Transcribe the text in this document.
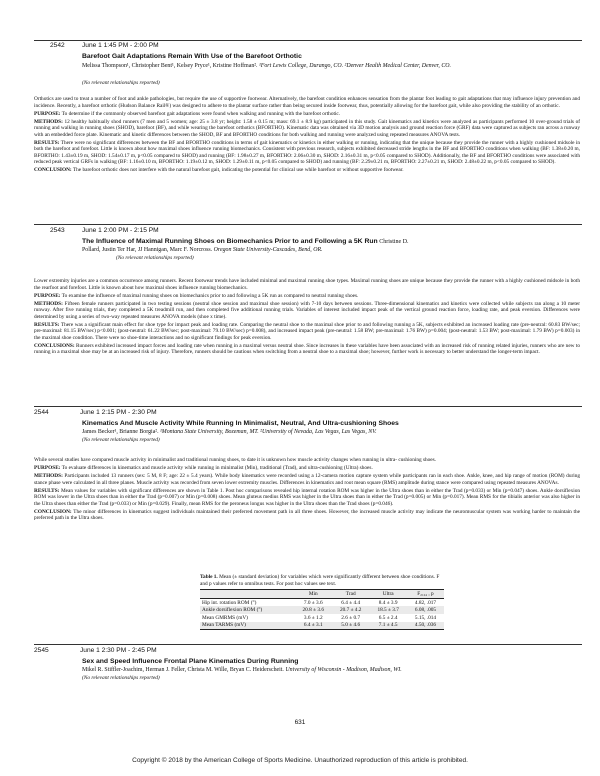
2542	June 1 1:45 PM - 2:00 PM
Barefoot Gait Adaptations Remain With Use of the Barefoot Orthotic
Melissa Thompson¹, Christopher Bent¹, Kelsey Pryce¹, Kristine Hoffman². ¹Fort Lewis College, Durango, CO. ²Denver Health Medical Center, Denver, CO.
(No relevant relationships reported)

Orthotics are used to treat a number of foot and ankle pathologies, but require the use of supportive footwear. Alternatively, the barefoot condition enhances sensation from the plantar foot leading to gait adaptations that may influence injury prevention and incidence. Recently, a barefoot orthotic (Hudson Balance Rail®) was designed to adhere to the plantar surface rather than being secured inside footwear, thus, potentially allowing for the barefoot gait, while also providing the stability of an orthotic.

PURPOSE: To determine if the commonly observed barefoot gait adaptations were found when walking and running with the barefoot orthotic.

METHODS: 12 healthy habitually shod runners (7 men and 5 women; age: 25 ± 3.8 yr; height: 1.58 ± 0.15 m; mass: 69.1 ± 8.9 kg) participated in this study. Gait kinematics and kinetics were analyzed as participants performed 10 over-ground trials of running and walking in running shoes (SHOD), barefoot (BF), and while wearing the barefoot orthotics (BFORTHO). Kinematic data was obtained via 3D motion analysis and ground reaction force (GRF) data were captured as subjects ran across a runway with an embedded force plate. Kinematic and kinetic differences between the SHOD, BF and BFORTHO conditions for both walking and running were analyzed using repeated measures ANOVA tests.

RESULTS: There were no significant differences between the BF and BFORTHO conditions in terms of gait kinematics or kinetics in either walking or running, indicating that the unique because they provide the runner with a highly cushioned midsole in both the barefoot and forefoot. Little is known about how maximal shoes influence running biomechanics. Consistent with previous research, subjects exhibited decreased stride lengths in the BF and BFORTHO conditions when walking (BF: 1.38±0.20 m, BFORTHO: 1.43±0.19 m, SHOD: 1.54±0.17 m, p<0.05 compared to SHOD) and running (BF: 1.98±0.27 m, BFORTHO: 2.06±0.30 m, SHOD: 2.16±0.31 m, p<0.05 compared to SHOD). Additionally, the BF and BFORTHO conditions were associated with reduced peak vertical GRFs in walking (BF: 1.16±0.10 m, BFORTHO: 1.19±0.12 m, SHOD: 1.29±0.11 m, p<0.05 compared to SHOD) and running (BF: 2.29±0.21 m, BFORTHO: 2.27±0.21 m, SHOD: 2.48±0.22 m, p<0.05 compared to SHOD).

CONCLUSION: The barefoot orthotic does not interfere with the natural barefoot gait, indicating the potential for clinical use while barefoot or without supportive footwear.

2543	June 1 2:00 PM - 2:15 PM
The Influence of Maximal Running Shoes on Biomechanics Prior to and Following a 5K Run Christine D.
Pollard, Justin Ter Har, JJ Hannigan, Marc F. Norcross. Oregon State University-Cascades, Bend, OR.
(No relevant relationships reported)

Lower extremity injuries are a common occurrence among runners. Recent footwear trends have included minimal and maximal running shoe types. Maximal running shoes are unique because they provide the runner with a highly cushioned midsole in both the rearfoot and forefoot. Little is known about how maximal shoes influence running biomechanics.

PURPOSE: To examine the influence of maximal running shoes on biomechanics prior to and following a 5K run as compared to neutral running shoes.

METHODS: Fifteen female runners participated in two testing sessions (neutral shoe session and maximal shoe session) with 7-10 days between sessions. Three-dimensional kinematics and kinetics were collected while subjects ran along a 10 meter runway. After five running trials, they completed a 5K treadmill run, and then completed five additional running trials. Variables of interest included impact peak of the vertical ground reaction force, loading rate, and peak eversion. Differences were determined by using a series of two-way repeated measures ANOVA models (shoe x time).

RESULTS: There was a significant main effect for shoe type for impact peak and loading rate. Comparing the neutral shoe to the maximal shoe prior to and following running a 5K, subjects exhibited an increased loading rate (pre-neutral: 60.83 BW/sec; pre-maximal: 81.15 BW/sec) p<0.001; (post-neutral: 61.22 BW/sec; post-maximal: 79.10 BW/sec) p=0.008), and increased impact peak (pre-neutral: 1.58 BW; pre-maximal: 1.76 BW) p=0.004; (post-neutral: 1.53 BW; post-maximal: 1.79 BW) p=0.003) in the maximal shoe condition. There were no shoe-time interactions and no significant findings for peak eversion.

CONCLUSIONS: Runners exhibited increased impact forces and loading rate when running in a maximal versus neutral shoe. Since increases in these variables have been associated with an increased risk of running related injuries, runners who are new to running in a maximal shoe may be at an increased risk of injury. Therefore, runners should be cautious when switching from a neutral shoe to a maximal shoe; however, further work is necessary to better understand the longer-term impact.

2544	June 1 2:15 PM - 2:30 PM
Kinematics And Muscle Activity While Running In Minimalist, Neutral, And Ultra-cushioning Shoes
James Becker¹, Brianne Borgia². ¹Montana State University, Bozeman, MT. ²University of Nevada, Las Vegas, Las Vegas, NV.
(No relevant relationships reported)

While several studies have compared muscle activity in minimalist and traditional running shoes, to date it is unknown how muscle activity changes when running in ultra- cushioning shoes.

PURPOSE: To evaluate differences in kinematics and muscle activity while running in minimalist (Min), traditional (Trad), and ultra-cushioning (Ultra) shoes.

METHODS: Participants included 13 runners (sex: 5 M, 8 F; age: 22 ± 5.4 years). While body kinematics were recorded using a 12-camera motion capture system while participants ran in each shoe. Ankle, knee, and hip range of motion (ROM) during stance phase were calculated in all three planes. Muscle activity was recorded from seven lower extremity muscles. Differences in kinematics and root mean square (RMS) amplitude during stance were compared using repeated measures ANOVAs.

RESULTS: Mean values for variables with significant differences are shown in Table 1. Post hoc comparisons revealed hip internal rotation ROM was higher in the Ultra shoes than in either the Trad (p=0.033) or Min (p=0.047) shoes. Ankle dorsiflexion ROM was lower in the Ultra shoes than in either the Trad (p=0.007) or Min (p=0.008) shoes. Mean gluteus medius RMS was higher in the Ultra shoes than in either the Trad (p=0.005) or Min (p=0.017). Mean RMS for the tibialis anterior was also higher in the Ultra shoes than either the Trad (p=0.033) or Min (p=0.029). Finally, mean RMS for the peroneus longus was higher in the Ultra shoes than the Trad shoes (p=0.046).

CONCLUSION: The minor differences in kinematics suggest individuals maintained their preferred movement path in all three shoes. However, the increased muscle activity may indicate the neuromuscular system was working harder to maintain the preferred path in the Ultra shoes.

Table 1. Mean (± standard deviation) for variables which were significantly different between shoe conditions. F and p values refer to omnibus tests. For post hoc values see text.
	Min	Trad	Ultra	F₂,₂₄ , p
Hip int. rotation ROM (°)	7.0 ± 3.6	6.4 ± 4.4	8.4 ± 3.9	4.82, .017
Ankle dorsiflexion ROM (°)	20.8 ± 3.6	20.7 ± 4.2	18.5 ± 3.7	6.08, .005
Mean GMRMS (mV)	3.6 ± 1.2	2.6 ± 0.7	6.5 ± 2.4	5.15, .014
Mean TARMS (mV)	6.4 ± 3.1	5.0 ± 4.6	7.1 ± 4.5	4.50, .036
2545	June 1 2:30 PM - 2:45 PM
Sex and Speed Influence Frontal Plane Kinematics During Running
Mikel R. Stiffler-Joachim, Herman J. Feller, Christa M. Wille, Bryan C. Heiderscheit. University of Wisconsin - Madison, Madison, WI.
(No relevant relationships reported)
631
Copyright © 2018 by the American College of Sports Medicine. Unauthorized reproduction of this article is prohibited.
